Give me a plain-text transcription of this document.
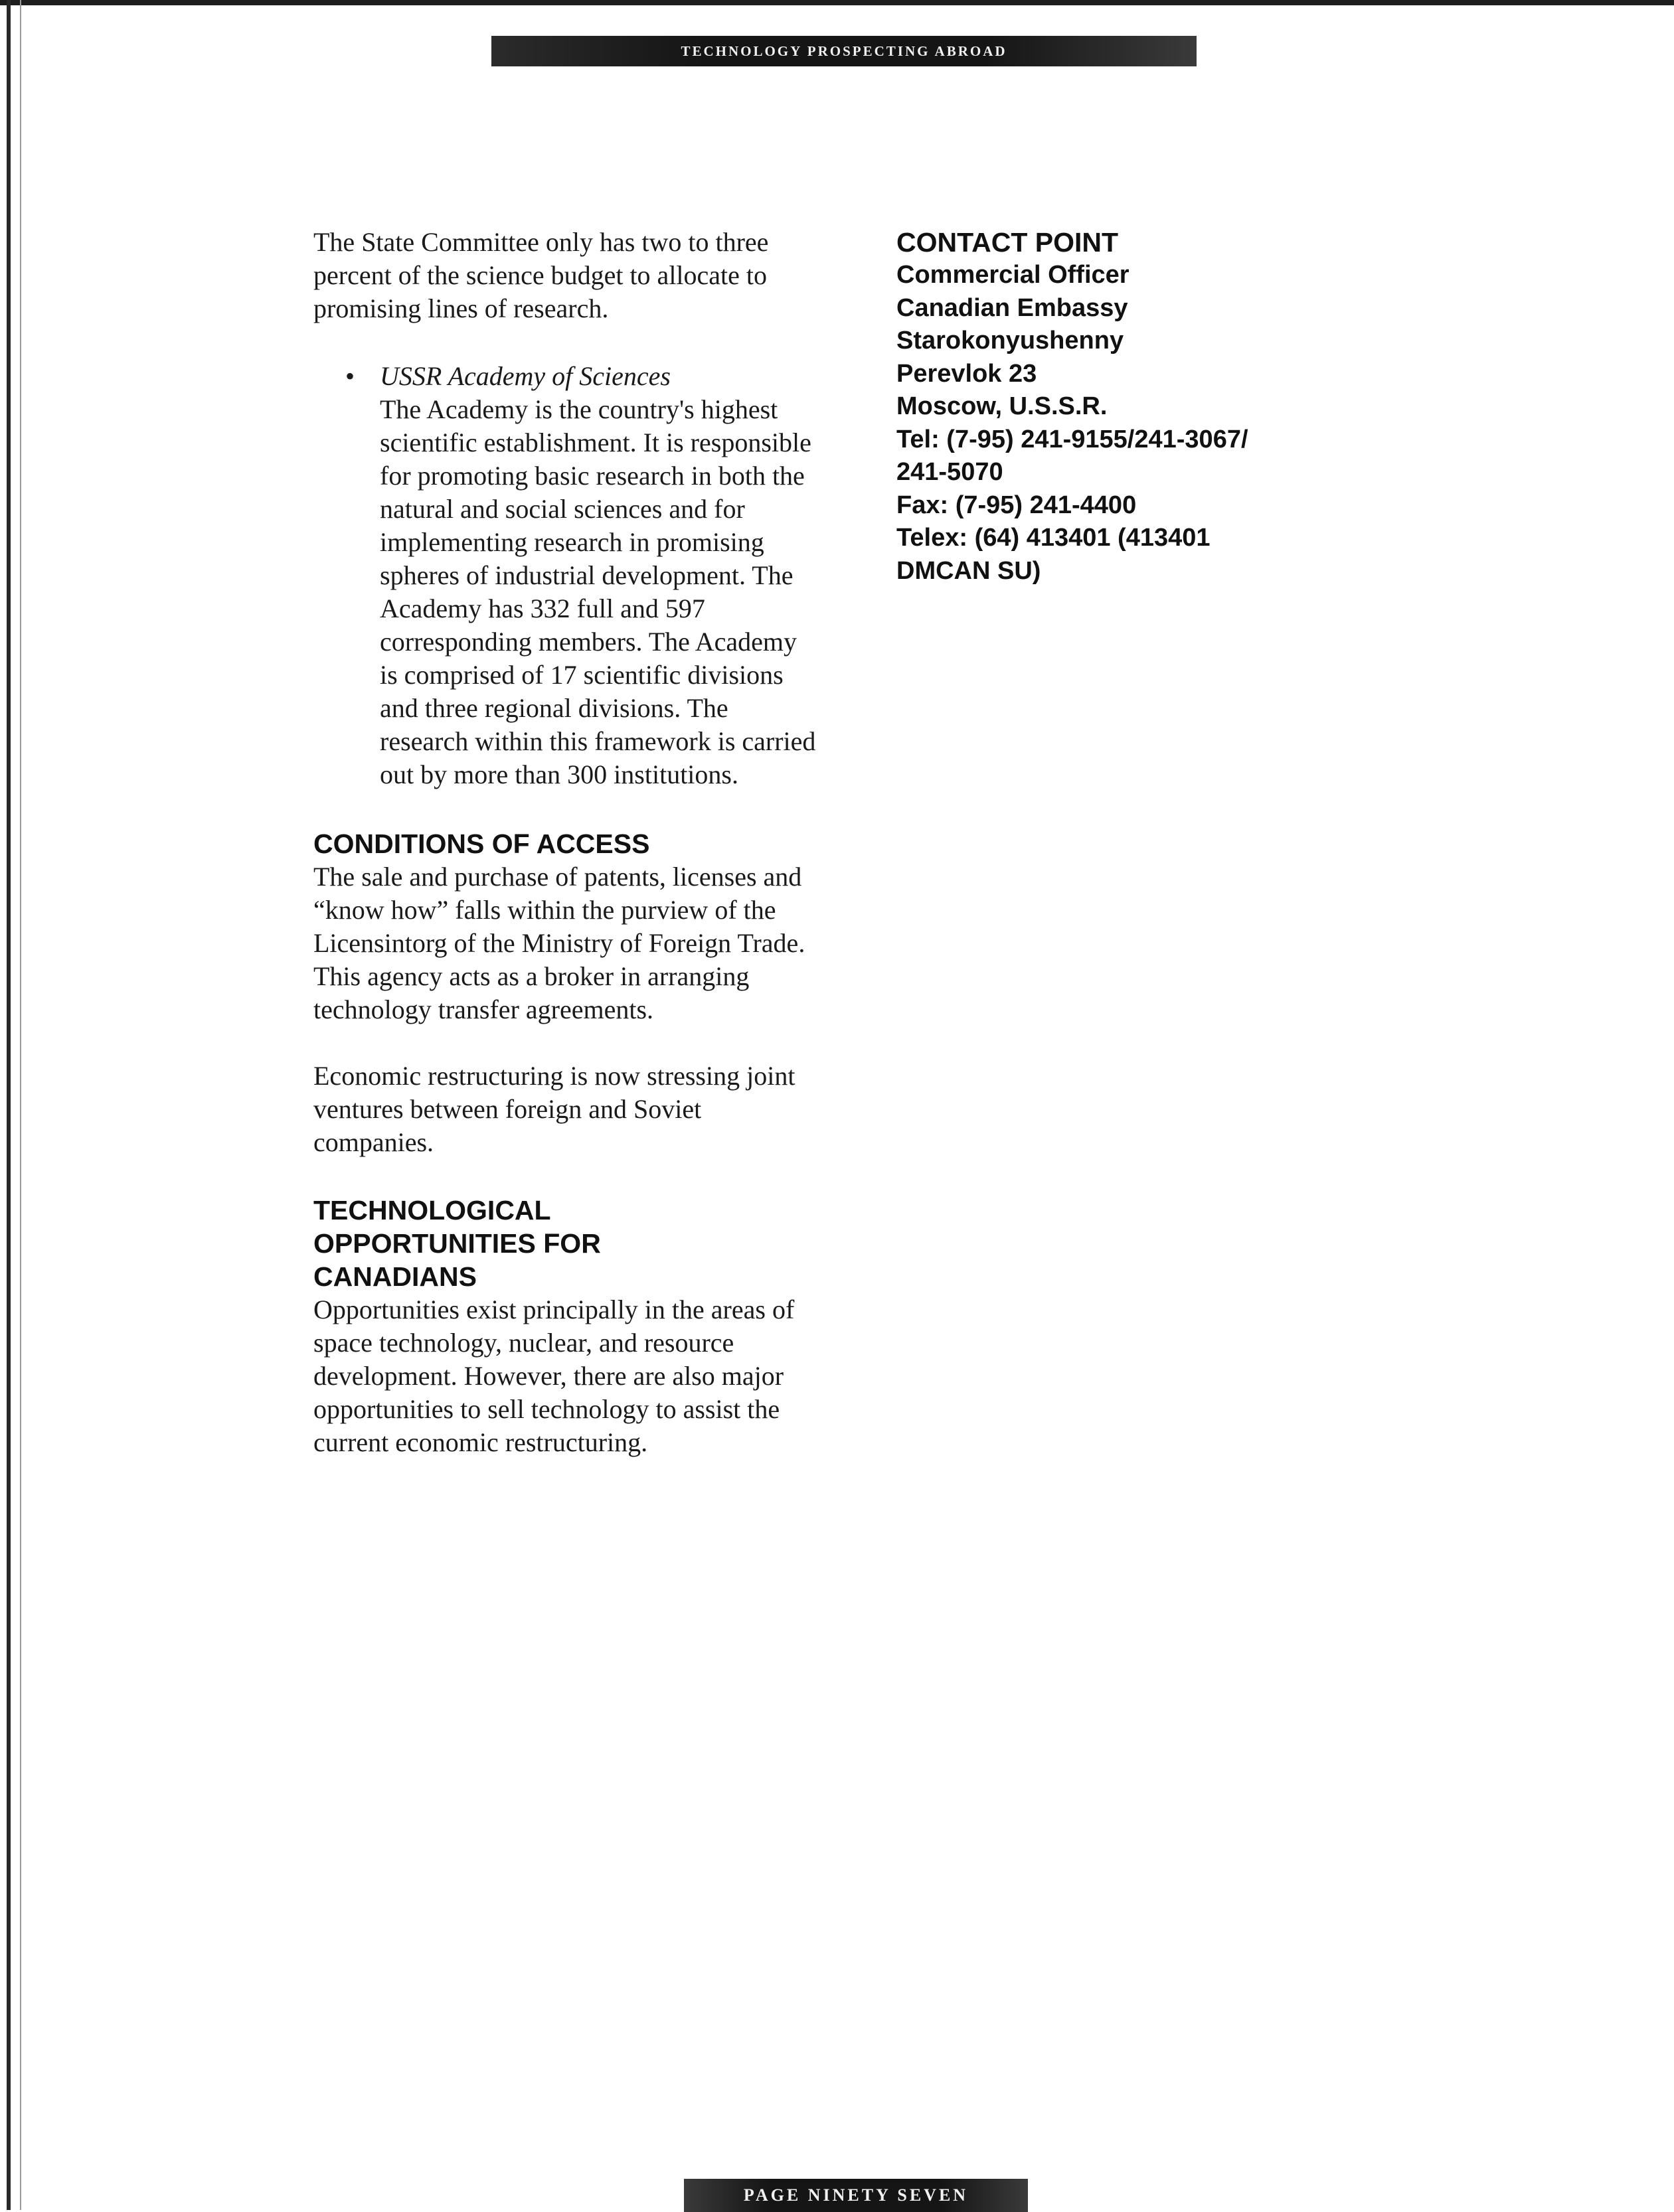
TECHNOLOGY PROSPECTING ABROAD

The State Committee only has two to three percent of the science budget to allocate to promising lines of research.

• USSR Academy of Sciences

The Academy is the country's highest scientific establishment. It is responsible for promoting basic research in both the natural and social sciences and for implementing research in promising spheres of industrial development. The Academy has 332 full and 597 corresponding members. The Academy is comprised of 17 scientific divisions and three regional divisions. The research within this framework is carried out by more than 300 institutions.

CONDITIONS OF ACCESS

The sale and purchase of patents, licenses and “know how” falls within the purview of the Licensintorg of the Ministry of Foreign Trade. This agency acts as a broker in arranging technology transfer agreements.

Economic restructuring is now stressing joint ventures between foreign and Soviet companies.

TECHNOLOGICAL OPPORTUNITIES FOR CANADIANS

Opportunities exist principally in the areas of space technology, nuclear, and resource development. However, there are also major opportunities to sell technology to assist the current economic restructuring.

CONTACT POINT

Commercial Officer

Canadian Embassy

Starokonyushenny

Perevlok 23

Moscow, U.S.S.R.

Tel: (7-95) 241-9155/241-3067/

241-5070

Fax: (7-95) 241-4400

Telex: (64) 413401 (413401

DMCAN SU)

PAGE NINETY SEVEN
